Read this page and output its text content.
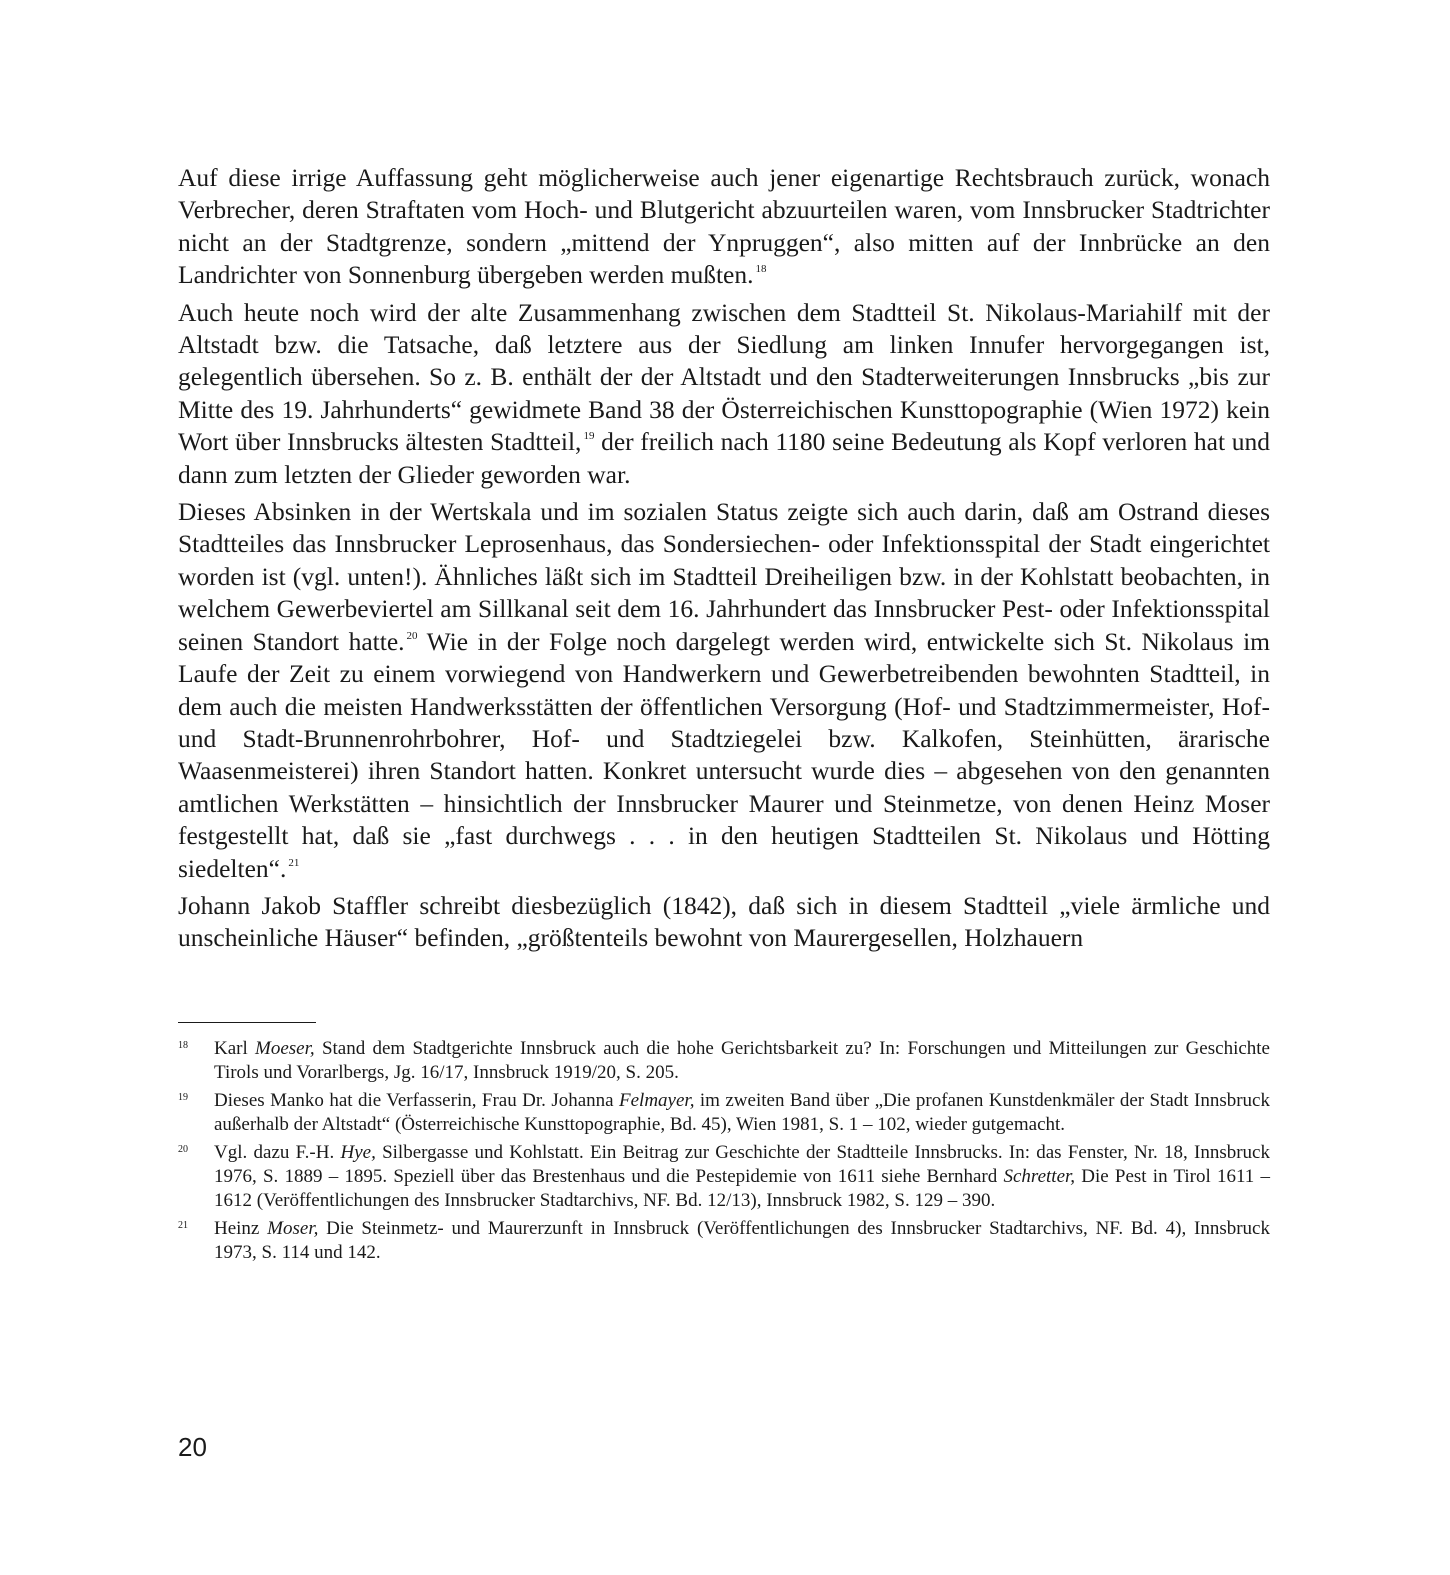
Auf diese irrige Auffassung geht möglicherweise auch jener eigenartige Rechtsbrauch zurück, wonach Verbrecher, deren Straftaten vom Hoch- und Blutgericht abzuurteilen waren, vom Innsbrucker Stadtrichter nicht an der Stadtgrenze, sondern „mittend der Ynpruggen“, also mitten auf der Innbrücke an den Landrichter von Sonnenburg übergeben werden mußten. $^{18}$

Auch heute noch wird der alte Zusammenhang zwischen dem Stadtteil St. Nikolaus-Mariahilf mit der Altstadt bzw. die Tatsache, daß letztere aus der Siedlung am linken Innufer hervorgegangen ist, gelegentlich übersehen. So z. B. enthält der der Altstadt und den Stadterweiterungen Innsbrucks „bis zur Mitte des 19. Jahrhunderts“ gewidmete Band 38 der Österreichischen Kunsttopographie (Wien 1972) kein Wort über Innsbrucks ältesten Stadtteil, $^{19}$ der freilich nach 1180 seine Bedeutung als Kopf verloren hat und dann zum letzten der Glieder geworden war.

Dieses Absinken in der Wertskala und im sozialen Status zeigte sich auch darin, daß am Ostrand dieses Stadtteiles das Innsbrucker Leprosenhaus, das Sondersiechen- oder Infektionsspital der Stadt eingerichtet worden ist (vgl. unten!). Ähnliches läßt sich im Stadtteil Dreiheiligen bzw. in der Kohlstatt beobachten, in welchem Gewerbeviertel am Sillkanal seit dem 16. Jahrhundert das Innsbrucker Pest- oder Infektionsspital seinen Standort hatte. $^{20}$ Wie in der Folge noch dargelegt werden wird, entwickelte sich St. Nikolaus im Laufe der Zeit zu einem vorwiegend von Handwerkern und Gewerbetreibenden bewohnten Stadtteil, in dem auch die meisten Handwerksstätten der öffentlichen Versorgung (Hof- und Stadtzimmermeister, Hof- und Stadt-Brunnenrohrbohrer, Hof- und Stadtziegelei bzw. Kalkofen, Steinhütten, ärarische Waasenmeisterei) ihren Standort hatten. Konkret untersucht wurde dies – abgesehen von den genannten amtlichen Werkstätten – hinsichtlich der Innsbrucker Maurer und Steinmetze, von denen Heinz Moser festgestellt hat, daß sie „fast durchwegs . . . in den heutigen Stadtteilen St. Nikolaus und Hötting siedelten“. $^{21}$

Johann Jakob Staffler schreibt diesbezüglich (1842), daß sich in diesem Stadtteil „viele ärmliche und unscheinliche Häuser“ befinden, „größtenteils bewohnt von Maurergesellen, Holzhauern

18	Karl Moeser, Stand dem Stadtgerichte Innsbruck auch die hohe Gerichtsbarkeit zu? In: Forschungen und Mitteilungen zur Geschichte Tirols und Vorarlbergs, Jg. 16/17, Innsbruck 1919/20, S. 205.
19	Dieses Manko hat die Verfasserin, Frau Dr. Johanna Felmayer, im zweiten Band über „Die profanen Kunstdenkmäler der Stadt Innsbruck außerhalb der Altstadt“ (Österreichische Kunsttopographie, Bd. 45), Wien 1981, S. 1 – 102, wieder gutgemacht.
20	Vgl. dazu F.-H. Hye, Silbergasse und Kohlstatt. Ein Beitrag zur Geschichte der Stadtteile Innsbrucks. In: das Fenster, Nr. 18, Innsbruck 1976, S. 1889 – 1895. Speziell über das Brestenhaus und die Pestepidemie von 1611 siehe Bernhard Schretter, Die Pest in Tirol 1611 – 1612 (Veröffentlichungen des Innsbrucker Stadtarchivs, NF. Bd. 12/13), Innsbruck 1982, S. 129 – 390.
21	Heinz Moser, Die Steinmetz- und Maurerzunft in Innsbruck (Veröffentlichungen des Innsbrucker Stadtarchivs, NF. Bd. 4), Innsbruck 1973, S. 114 und 142.
20
